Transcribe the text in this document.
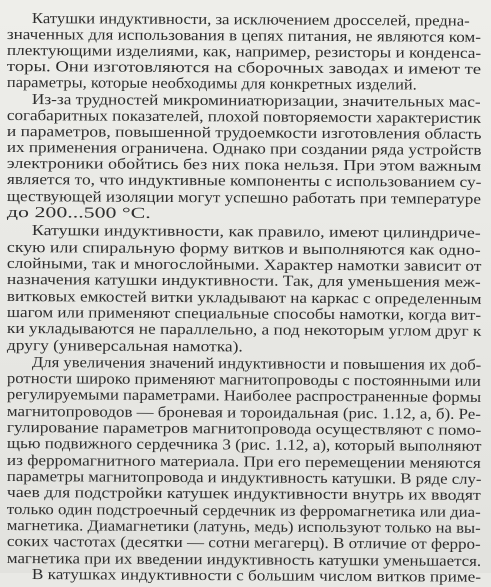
Катушки индуктивности, за исключением дросселей, предна-
значенных для использования в цепях питания, не являются ком-
плектующими изделиями, как, например, резисторы и конденса-
торы. Они изготовляются на сборочных заводах и имеют те
параметры, которые необходимы для конкретных изделий.
Из-за трудностей микроминиатюризации, значительных мас-
согабаритных показателей, плохой повторяемости характеристик
и параметров, повышенной трудоемкости изготовления область
их применения ограничена. Однако при создании ряда устройств
электроники обойтись без них пока нельзя. При этом важным
является то, что индуктивные компоненты с использованием су-
ществующей изоляции могут успешно работать при температуре
до 200...500 °С.
Катушки индуктивности, как правило, имеют цилиндриче-
скую или спиральную форму витков и выполняются как одно-
слойными, так и многослойными. Характер намотки зависит от
назначения катушки индуктивности. Так, для уменьшения меж-
витковых емкостей витки укладывают на каркас с определенным
шагом или применяют специальные способы намотки, когда вит-
ки укладываются не параллельно, а под некоторым углом друг к
другу (универсальная намотка).
Для увеличения значений индуктивности и повышения их доб-
ротности широко применяют магнитопроводы с постоянными или
регулируемыми параметрами. Наиболее распространенные формы
магнитопроводов — броневая и тороидальная (рис. 1.12, а, б). Ре-
гулирование параметров магнитопровода осуществляют с помо-
щью подвижного сердечника 3 (рис. 1.12, а), который выполняют
из ферромагнитного материала. При его перемещении меняются
параметры магнитопровода и индуктивность катушки. В ряде слу-
чаев для подстройки катушек индуктивности внутрь их вводят
только один подстроечный сердечник из ферромагнетика или диа-
магнетика. Диамагнетики (латунь, медь) используют только на вы-
соких частотах (десятки — сотни мегагерц). В отличие от ферро-
магнетика при их введении индуктивность катушки уменьшается.
В катушках индуктивности с большим числом витков приме-
